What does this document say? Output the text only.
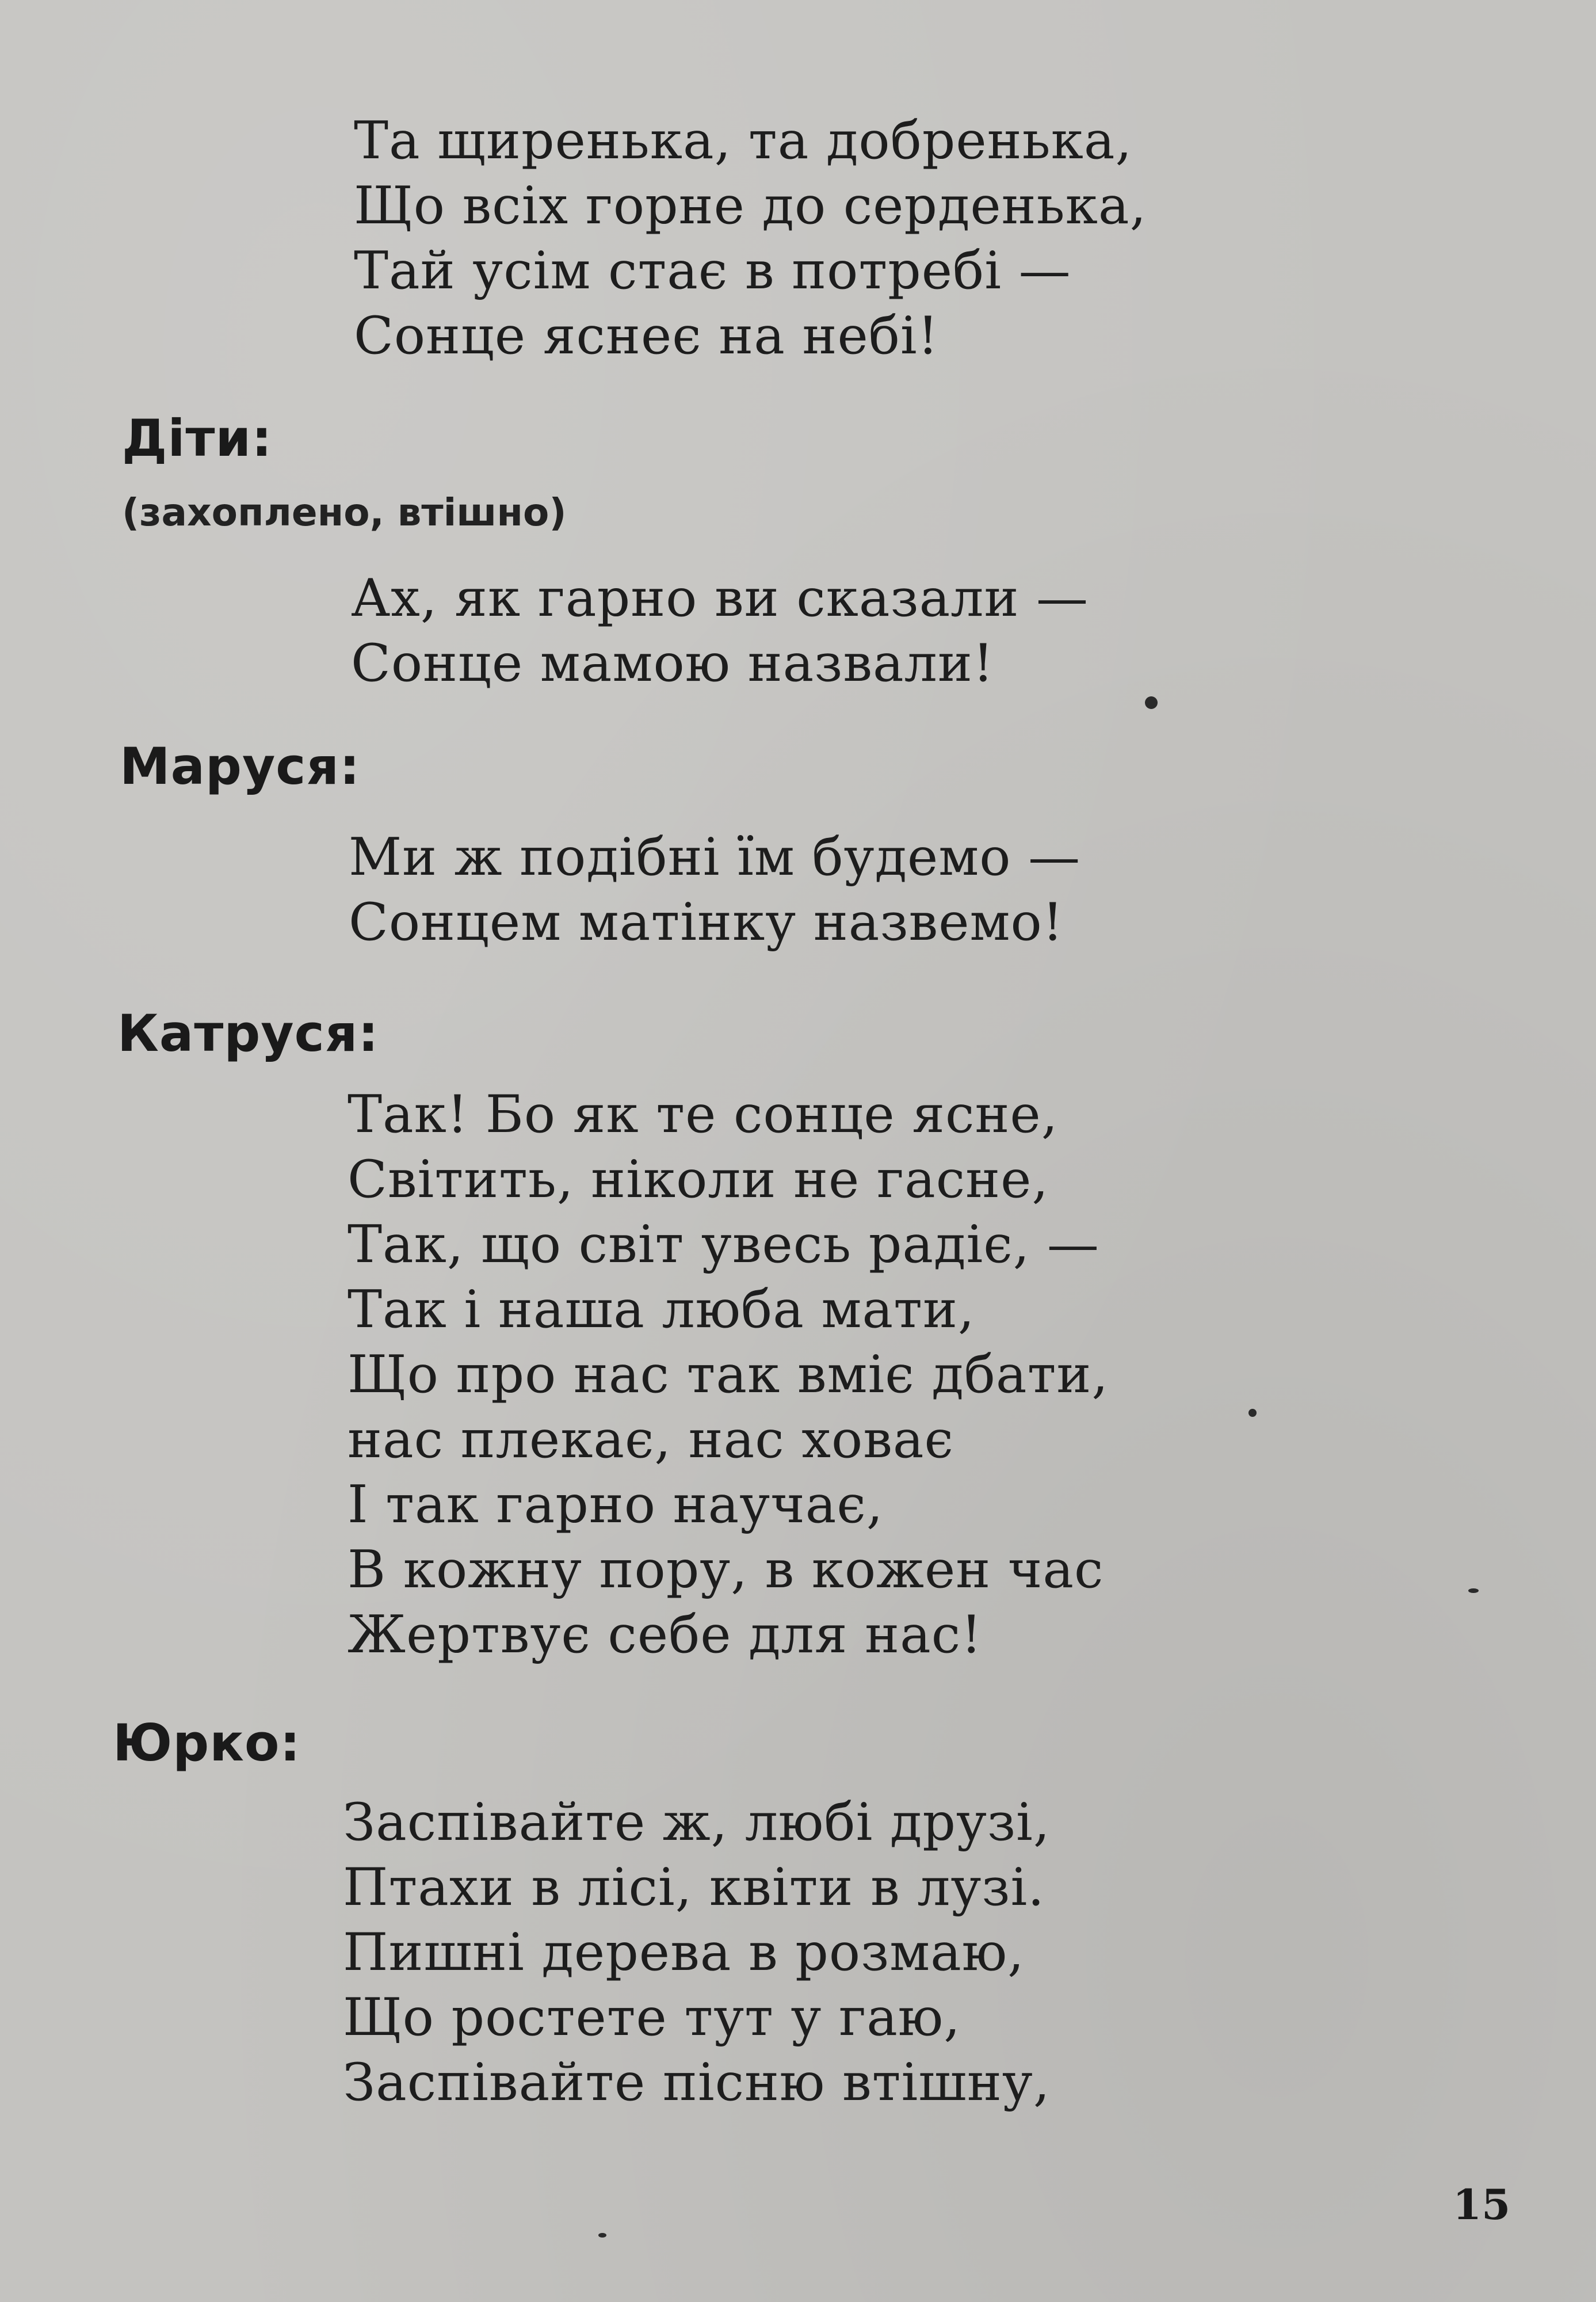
Та щиренька, та добренька,
Що всіх горне до серденька,
Тай усім стає в потребі —
Сонце яснеє на небі!
Діти:
(захоплено, втішно)
Ах, як гарно ви сказали —
Сонце мамою назвали!
Маруся:
Ми ж подібні їм будемо —
Сонцем матінку назвемо!
Катруся:
Так! Бо як те сонце ясне,
Світить, ніколи не гасне,
Так, що світ увесь радіє, —
Так і наша люба мати,
Що про нас так вміє дбати,
нас плекає, нас ховає
І так гарно научає,
В кожну пору, в кожен час
Жертвує себе для нас!
Юрко:
Заспівайте ж, любі друзі,
Птахи в лісі, квіти в лузі.
Пишні дерева в розмаю,
Що ростете тут у гаю,
Заспівайте пісню втішну,
15
